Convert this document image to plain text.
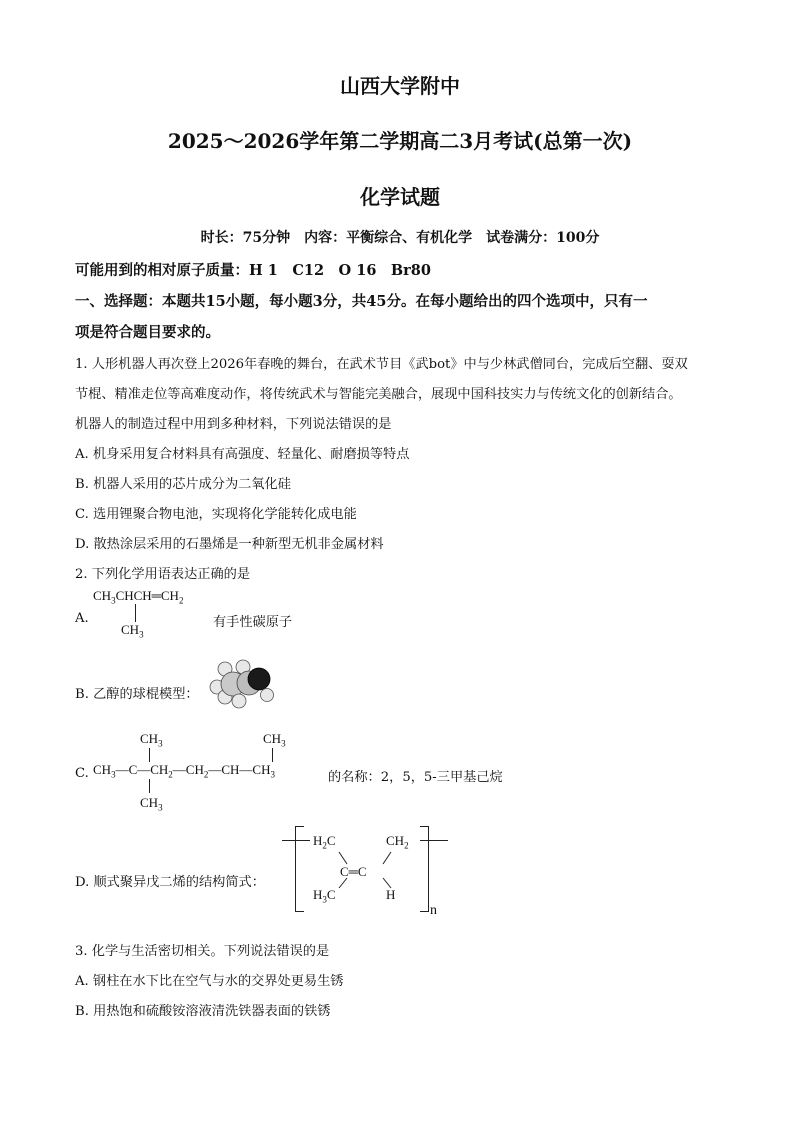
山西大学附中
2025～2026学年第二学期高二3月考试(总第一次)
化学试题
时长：75分钟　内容：平衡综合、有机化学　试卷满分：100分
可能用到的相对原子质量：H 1　C12　O 16　Br80
一、选择题：本题共15小题，每小题3分，共45分。在每小题给出的四个选项中，只有一
项是符合题目要求的。
1. 人形机器人再次登上2026年春晚的舞台，在武术节目《武bot》中与少林武僧同台，完成后空翻、耍双
节棍、精准走位等高难度动作，将传统武术与智能完美融合，展现中国科技实力与传统文化的创新结合。
机器人的制造过程中用到多种材料，下列说法错误的是
A. 机身采用复合材料具有高强度、轻量化、耐磨损等特点
B. 机器人采用的芯片成分为二氧化硅
C. 选用锂聚合物电池，实现将化学能转化成电能
D. 散热涂层采用的石墨烯是一种新型无机非金属材料
2. 下列化学用语表达正确的是
$CH_3CHCH═CH_2$
$CH_3$
A.	有手性碳原子
B. 乙醇的球棍模型：
$CH_3$	$CH_3$
$CH_3—C—CH_2—CH_2—CH—CH_3$
$CH_3$
C.	的名称：2，5，5-三甲基己烷
D. 顺式聚异戊二烯的结构简式：
$H_2C$	$CH_2$
C═C
$H_3C$	H
n
3. 化学与生活密切相关。下列说法错误的是
A. 钢柱在水下比在空气与水的交界处更易生锈
B. 用热饱和硫酸铵溶液清洗铁器表面的铁锈
